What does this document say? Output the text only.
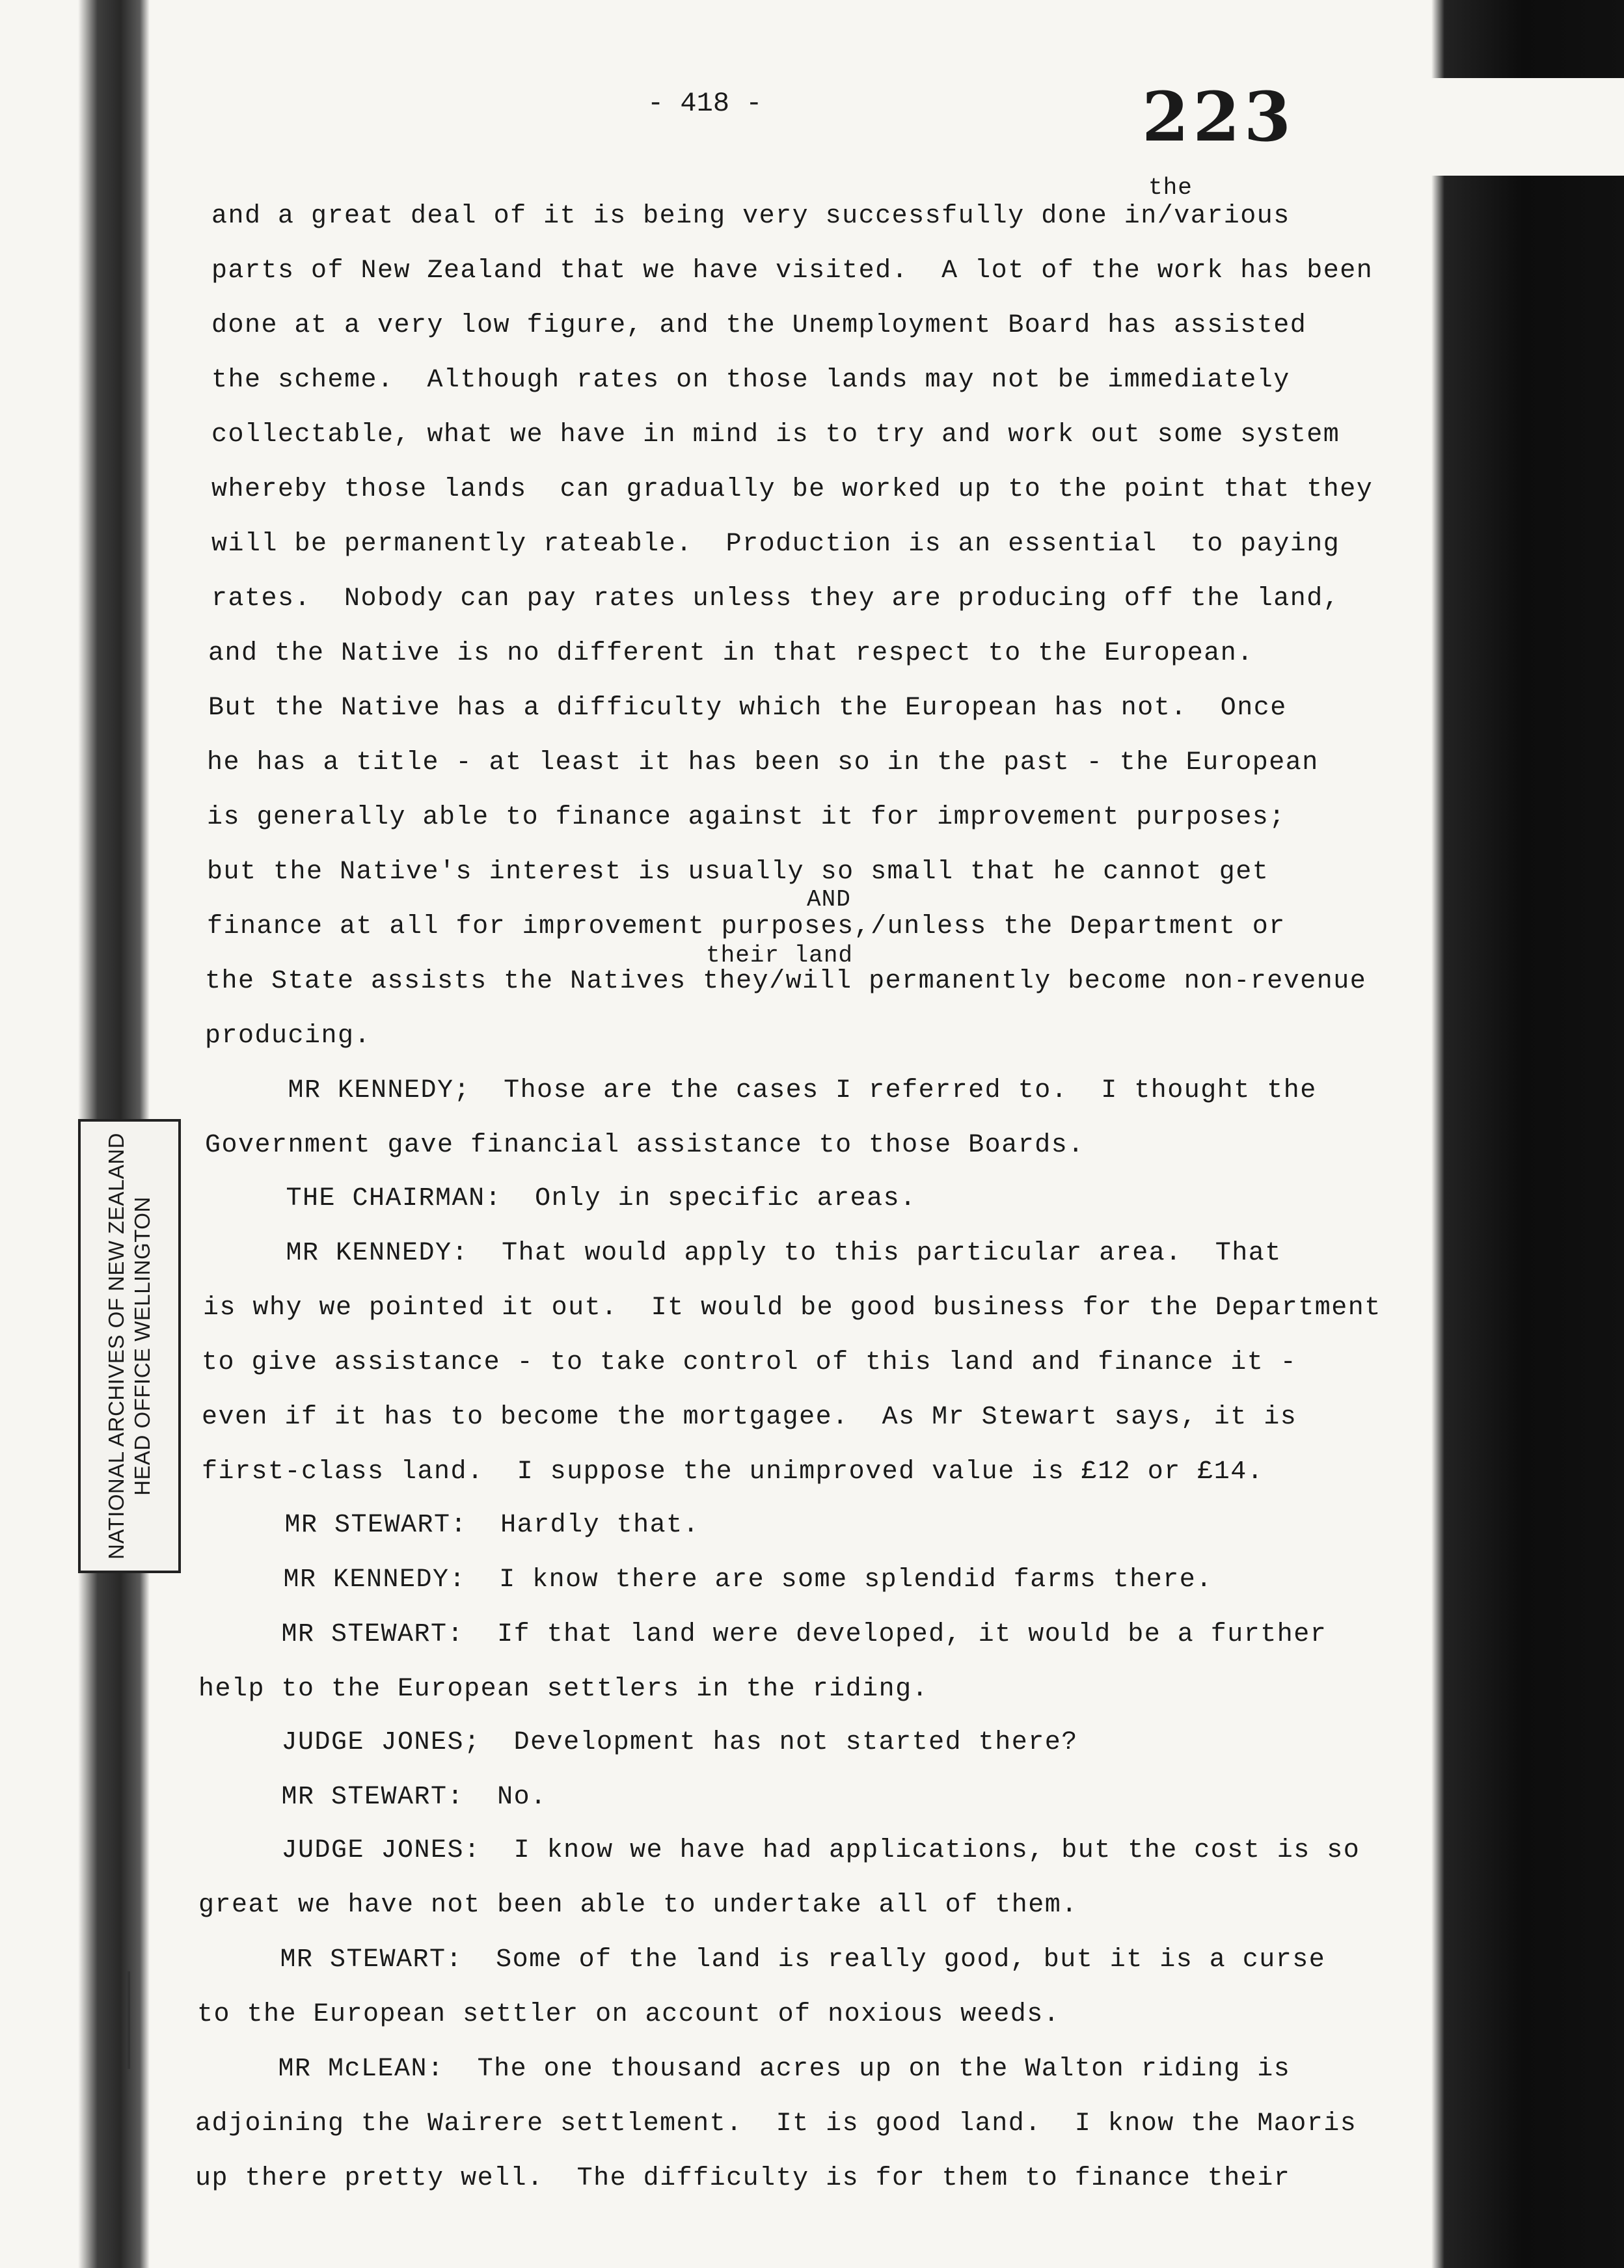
NATIONAL ARCHIVES OF NEW ZEALAND HEAD OFFICE WELLINGTON
- 418 -	223
the
AND
their land
and a great deal of it is being very successfully done in/various
parts of New Zealand that we have visited.  A lot of the work has been
done at a very low figure, and the Unemployment Board has assisted
the scheme.  Although rates on those lands may not be immediately
collectable, what we have in mind is to try and work out some system
whereby those lands  can gradually be worked up to the point that they
will be permanently rateable.  Production is an essential  to paying
rates.  Nobody can pay rates unless they are producing off the land,
and the Native is no different in that respect to the European.
But the Native has a difficulty which the European has not.  Once
he has a title - at least it has been so in the past - the European
is generally able to finance against it for improvement purposes;
but the Native's interest is usually so small that he cannot get
finance at all for improvement purposes,/unless the Department or
the State assists the Natives they/will permanently become non-revenue
producing.
MR KENNEDY;  Those are the cases I referred to.  I thought the
Government gave financial assistance to those Boards.
THE CHAIRMAN:  Only in specific areas.
MR KENNEDY:  That would apply to this particular area.  That
is why we pointed it out.  It would be good business for the Department
to give assistance - to take control of this land and finance it -
even if it has to become the mortgagee.  As Mr Stewart says, it is
first-class land.  I suppose the unimproved value is £12 or £14.
MR STEWART:  Hardly that.
MR KENNEDY:  I know there are some splendid farms there.
MR STEWART:  If that land were developed, it would be a further
help to the European settlers in the riding.
JUDGE JONES;  Development has not started there?
MR STEWART:  No.
JUDGE JONES:  I know we have had applications, but the cost is so
great we have not been able to undertake all of them.
MR STEWART:  Some of the land is really good, but it is a curse
to the European settler on account of noxious weeds.
MR McLEAN:  The one thousand acres up on the Walton riding is
adjoining the Wairere settlement.  It is good land.  I know the Maoris
up there pretty well.  The difficulty is for them to finance their
